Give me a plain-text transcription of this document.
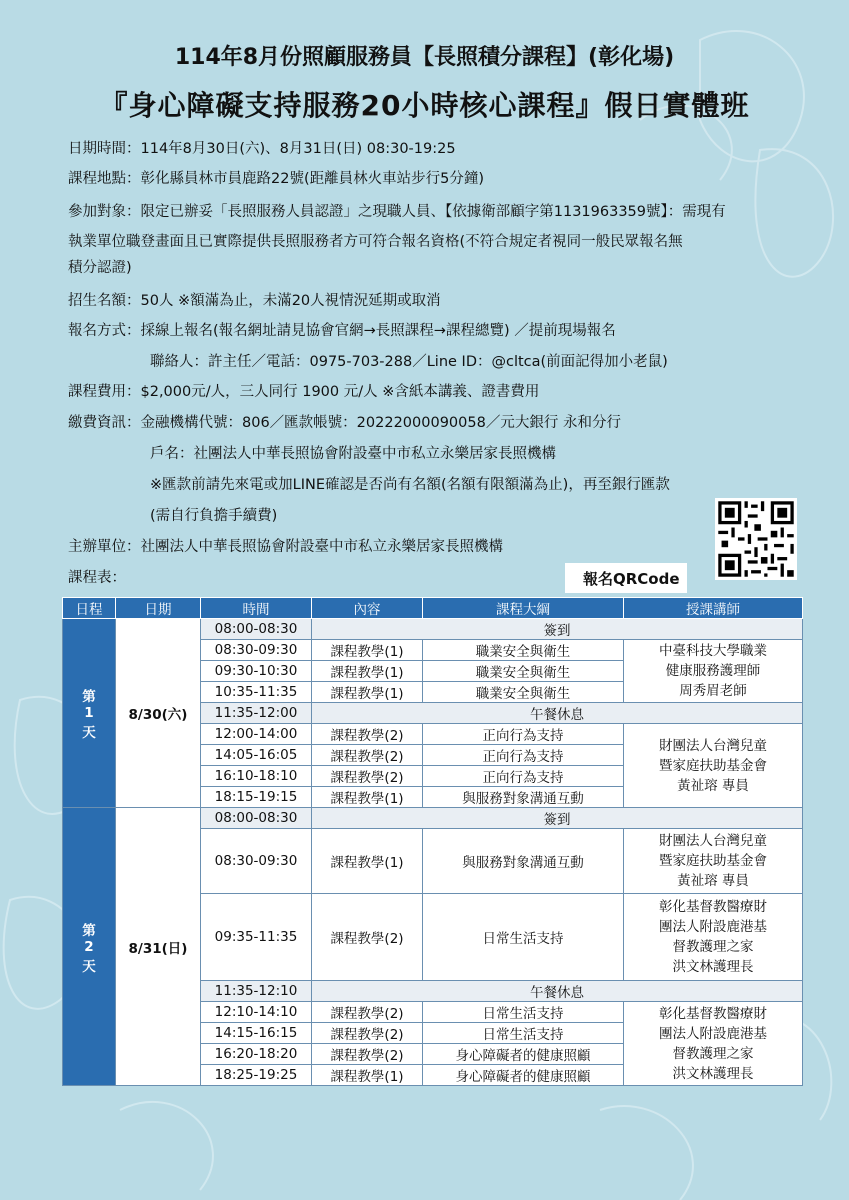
114年8月份照顧服務員【長照積分課程】(彰化場)
『身心障礙支持服務20小時核心課程』假日實體班
日期時間：114年8月30日(六)、8月31日(日) 08:30-19:25
課程地點：彰化縣員林市員鹿路22號(距離員林火車站步行5分鐘)
參加對象：限定已辦妥「長照服務人員認證」之現職人員、【依據衛部顧字第1131963359號】：需現有
執業單位職登畫面且已實際提供長照服務者方可符合報名資格(不符合規定者視同一般民眾報名無
積分認證)
招生名額：50人 ※額滿為止，未滿20人視情況延期或取消
報名方式：採線上報名(報名網址請見協會官網→長照課程→課程總覽) ／提前現場報名
聯絡人：許主任／電話：0975-703-288／Line ID：@cltca(前面記得加小老鼠)
課程費用：$2,000元/人，三人同行 1900 元/人 ※含紙本講義、證書費用
繳費資訊：金融機構代號：806／匯款帳號：20222000090058／元大銀行 永和分行
戶名：社團法人中華長照協會附設臺中市私立永樂居家長照機構
※匯款前請先來電或加LINE確認是否尚有名額(名額有限額滿為止)，再至銀行匯款
(需自行負擔手續費)
主辦單位：社團法人中華長照協會附設臺中市私立永樂居家長照機構
課程表：	報名QRCode
日程	日期	時間	內容	課程大綱	授課講師
第
1
天	8/30(六)	08:00-08:30	簽到		
		08:30-09:30	課程教學(1)	職業安全與衛生	中臺科技大學職業
健康服務護理師
周秀眉老師

		09:30-10:30	課程教學(1)	職業安全與衛生	
		10:35-11:35	課程教學(1)	職業安全與衛生	
		11:35-12:00	午餐休息		
		12:00-14:00	課程教學(2)	正向行為支持	財團法人台灣兒童
暨家庭扶助基金會
黃祉瑢 專員

		14:05-16:05	課程教學(2)	正向行為支持	
		16:10-18:10	課程教學(2)	正向行為支持	
		18:15-19:15	課程教學(1)	與服務對象溝通互動	
第
2
天	8/31(日)	08:00-08:30	簽到		
		08:30-09:30	課程教學(1)	與服務對象溝通互動	財團法人台灣兒童
暨家庭扶助基金會
黃祉瑢 專員

		09:35-11:35	課程教學(2)	日常生活支持	彰化基督教醫療財
團法人附設鹿港基
督教護理之家
洪文林護理長

		11:35-12:10	午餐休息		
		12:10-14:10	課程教學(2)	日常生活支持	彰化基督教醫療財
團法人附設鹿港基
督教護理之家
洪文林護理長

		14:15-16:15	課程教學(2)	日常生活支持	
		16:20-18:20	課程教學(2)	身心障礙者的健康照顧	
		18:25-19:25	課程教學(1)	身心障礙者的健康照顧	
